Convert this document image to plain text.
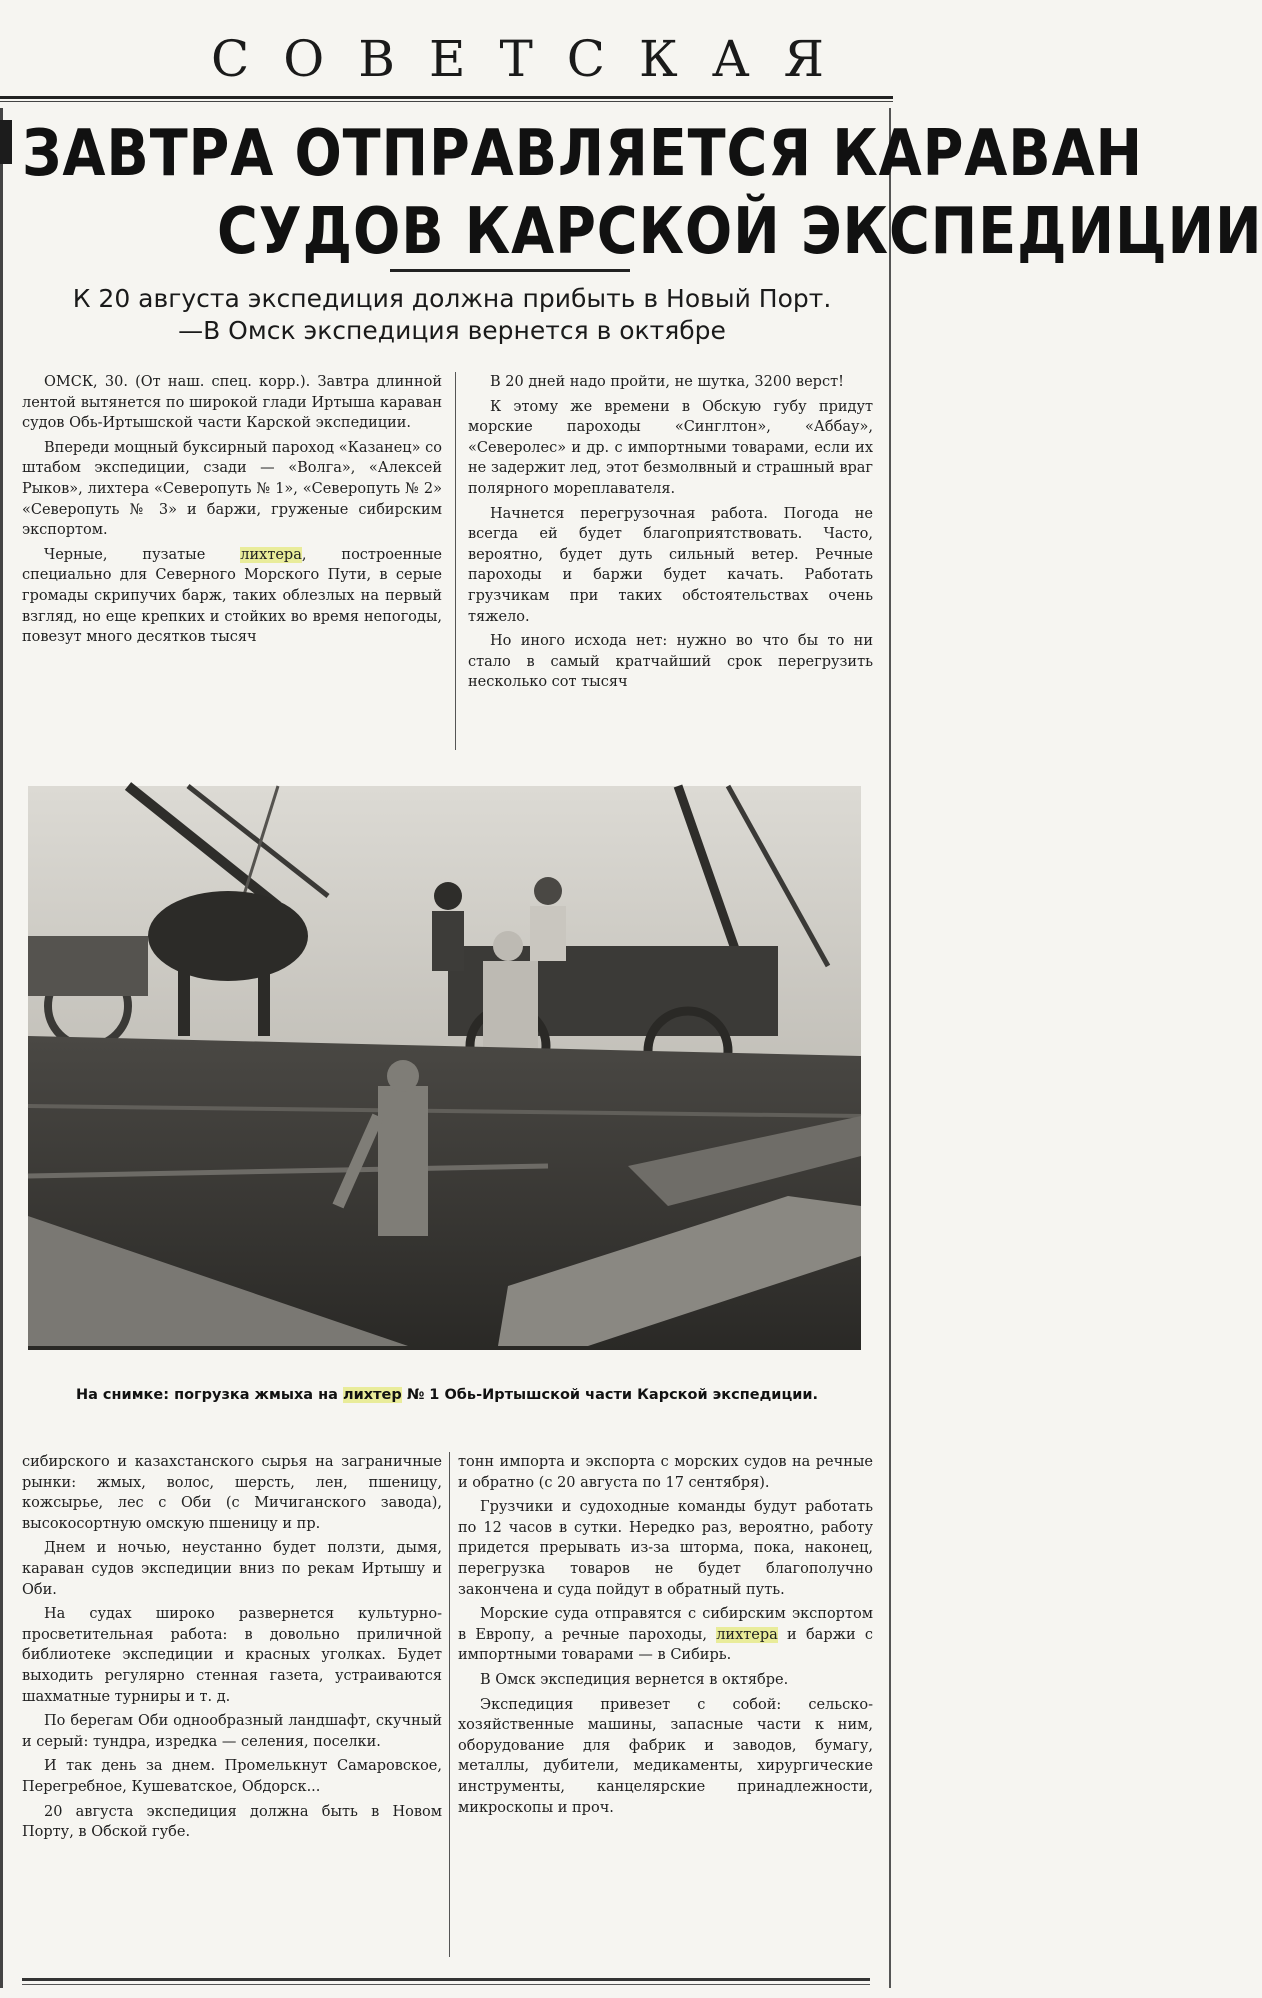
СОВЕТСКАЯ
ЗАВТРА ОТПРАВЛЯЕТСЯ КАРАВАН
СУДОВ КАРСКОЙ ЭКСПЕДИЦИИ
К 20 августа экспедиция должна прибыть в Новый Порт.
—В Омск экспедиция вернется в октябре

ОМСК, 30. (От наш. спец. корр.). Завтра длинной лентой вытянется по широкой глади Иртыша караван судов Обь-Иртышской части Карской экспедиции.

Впереди мощный буксирный пароход «Казанец» со штабом экспедиции, сзади — «Волга», «Алексей Рыков», лихтера «Северопуть № 1», «Северопуть № 2» «Северопуть № 3» и баржи, груженые сибирским экспортом.

Черные, пузатые лихтера, построенные специально для Северного Морского Пути, в серые громады скрипучих барж, таких облезлых на первый взгляд, но еще крепких и стойких во время непогоды, повезут много десятков тысяч

В 20 дней надо пройти, не шутка, 3200 верст!

К этому же времени в Обскую губу придут морские пароходы «Синглтон», «Аббау», «Северолес» и др. с импортными товарами, если их не задержит лед, этот безмолвный и страшный враг полярного мореплавателя.

Начнется перегрузочная работа. Погода не всегда ей будет благоприятствовать. Часто, вероятно, будет дуть сильный ветер. Речные пароходы и баржи будет качать. Работать грузчикам при таких обстоятельствах очень тяжело.

Но иного исхода нет: нужно во что бы то ни стало в самый кратчайший срок перегрузить несколько сот тысяч

На снимке: погрузка жмыха на лихтер № 1 Обь-Иртышской части Карской экспедиции.

сибирского и казахстанского сырья на заграничные рынки: жмых, волос, шерсть, лен, пшеницу, кожсырье, лес с Оби (с Мичиганского завода), высокосортную омскую пшеницу и пр.

Днем и ночью, неустанно будет ползти, дымя, караван судов экспедиции вниз по рекам Иртышу и Оби.

На судах широко развернется культурно-просветительная работа: в довольно приличной библиотеке экспедиции и красных уголках. Будет выходить регулярно стенная газета, устраиваются шахматные турниры и т. д.

По берегам Оби однообразный ландшафт, скучный и серый: тундра, изредка — селения, поселки.

И так день за днем. Промелькнут Самаровское, Перегребное, Кушеватское, Обдорск...

20 августа экспедиция должна быть в Новом Порту, в Обской губе.

тонн импорта и экспорта с морских судов на речные и обратно (с 20 августа по 17 сентября).

Грузчики и судоходные команды будут работать по 12 часов в сутки. Нередко раз, вероятно, работу придется прерывать из-за шторма, пока, наконец, перегрузка товаров не будет благополучно закончена и суда пойдут в обратный путь.

Морские суда отправятся с сибирским экспортом в Европу, а речные пароходы, лихтера и баржи с импортными товарами — в Сибирь.

В Омск экспедиция вернется в октябре.

Экспедиция привезет с собой: сельско-хозяйственные машины, запасные части к ним, оборудование для фабрик и заводов, бумагу, металлы, дубители, медикаменты, хирургические инструменты, канцелярские принадлежности, микроскопы и проч.
